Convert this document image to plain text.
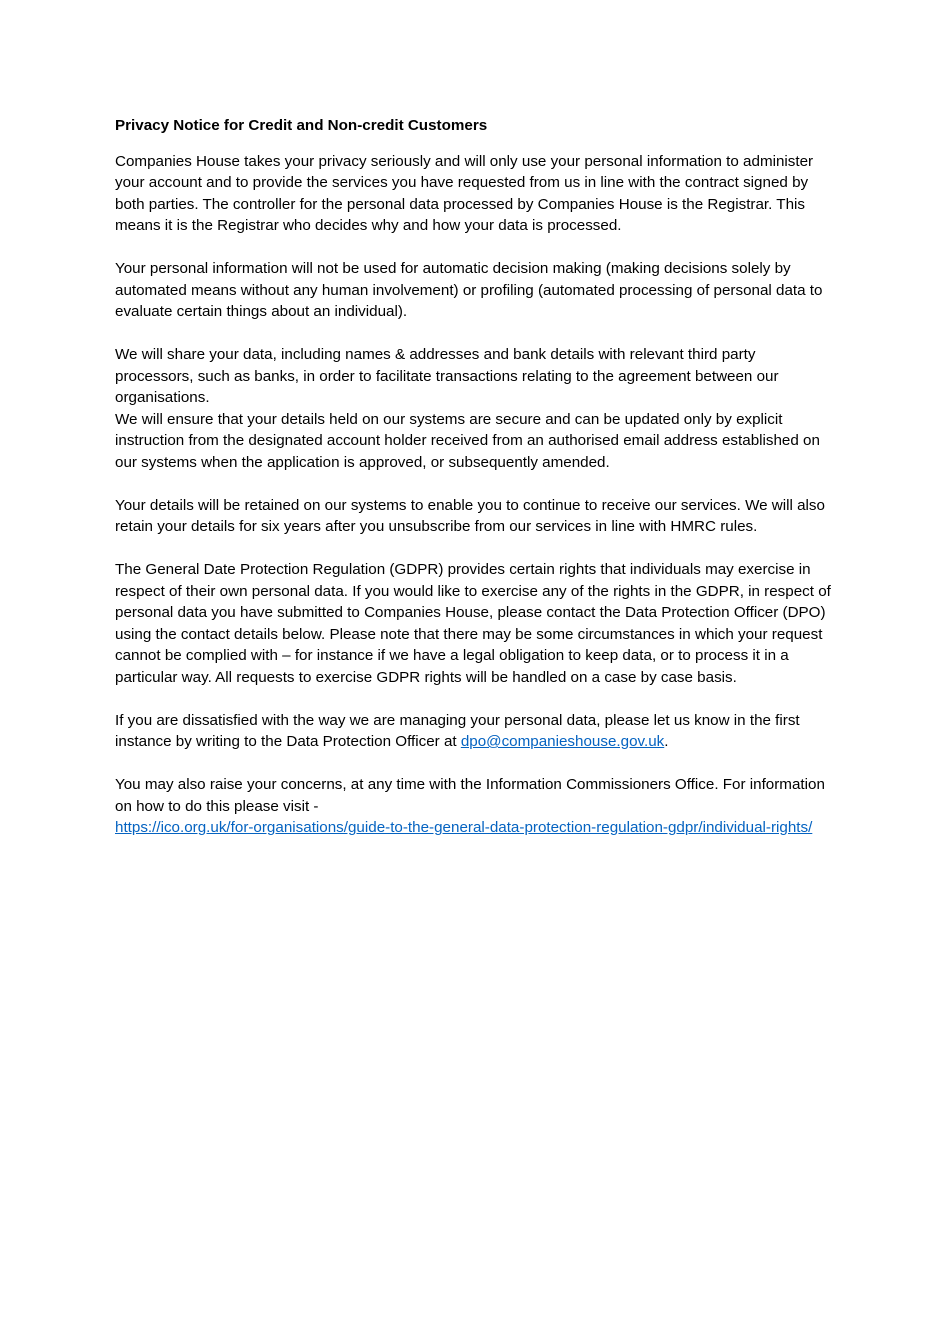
Privacy Notice for Credit and Non-credit Customers

Companies House takes your privacy seriously and will only use your personal information to administer your account and to provide the services you have requested from us in line with the contract signed by both parties. The controller for the personal data processed by Companies House is the Registrar. This means it is the Registrar who decides why and how your data is processed.

Your personal information will not be used for automatic decision making (making decisions solely by automated means without any human involvement) or profiling (automated processing of personal data to evaluate certain things about an individual).

We will share your data, including names & addresses and bank details with relevant third party processors, such as banks, in order to facilitate transactions relating to the agreement between our organisations.

We will ensure that your details held on our systems are secure and can be updated only by explicit instruction from the designated account holder received from an authorised email address established on our systems when the application is approved, or subsequently amended.

Your details will be retained on our systems to enable you to continue to receive our services. We will also retain your details for six years after you unsubscribe from our services in line with HMRC rules.

The General Date Protection Regulation (GDPR) provides certain rights that individuals may exercise in respect of their own personal data. If you would like to exercise any of the rights in the GDPR, in respect of personal data you have submitted to Companies House, please contact the Data Protection Officer (DPO) using the contact details below. Please note that there may be some circumstances in which your request cannot be complied with – for instance if we have a legal obligation to keep data, or to process it in a particular way. All requests to exercise GDPR rights will be handled on a case by case basis.

If you are dissatisfied with the way we are managing your personal data, please let us know in the first instance by writing to the Data Protection Officer at dpo@companieshouse.gov.uk.

You may also raise your concerns, at any time with the Information Commissioners Office. For information on how to do this please visit -
https://ico.org.uk/for-organisations/guide-to-the-general-data-protection-regulation-gdpr/individual-rights/
